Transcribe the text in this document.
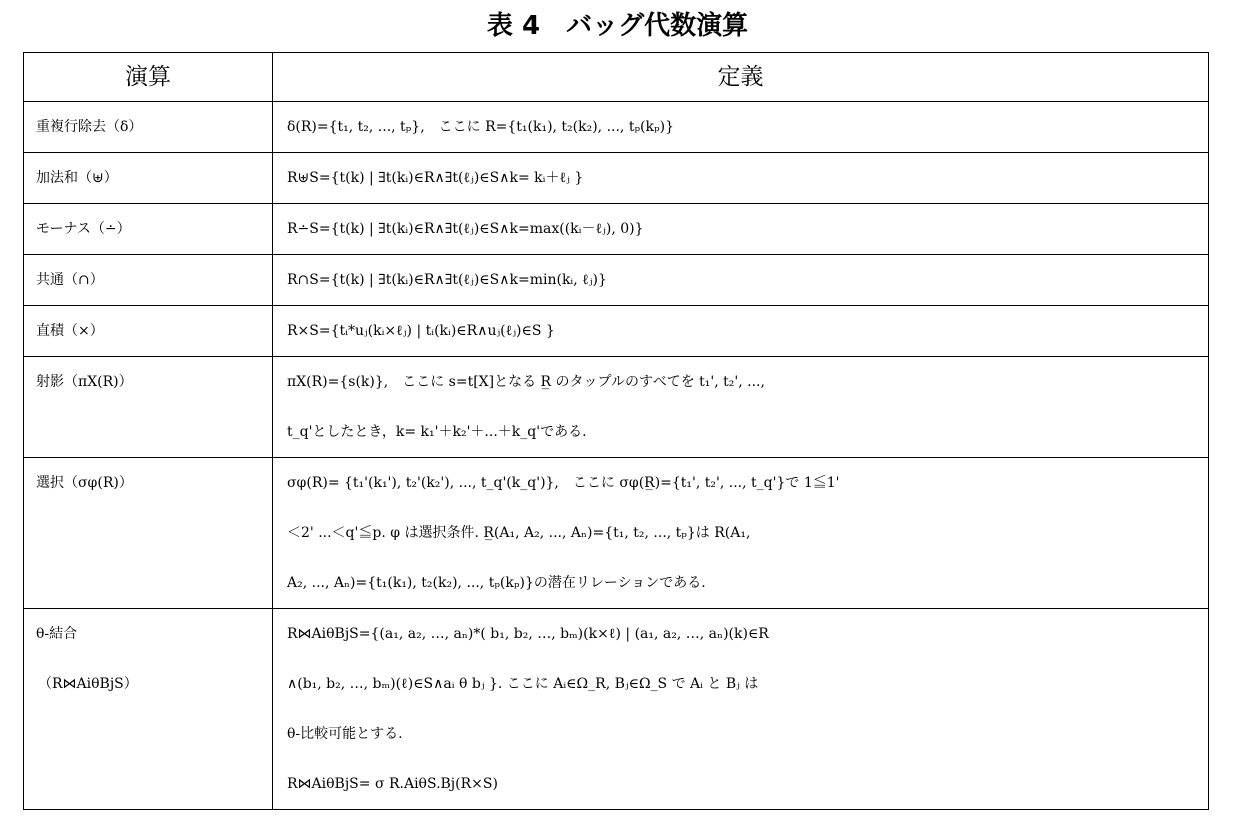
表 4　バッグ代数演算
演算	定義
重複行除去（δ）	δ(R)={t₁, t₂, ..., tₚ},　ここに R={t₁(k₁), t₂(k₂), ..., tₚ(kₚ)}

加法和（⊎）	R⊎S={t(k) | ∃t(kᵢ)∈R∧∃t(ℓⱼ)∈S∧k= kᵢ＋ℓⱼ }

モーナス（∸）	R∸S={t(k) | ∃t(kᵢ)∈R∧∃t(ℓⱼ)∈S∧k=max((kᵢ－ℓⱼ), 0)}

共通（∩）	R∩S={t(k) | ∃t(kᵢ)∈R∧∃t(ℓⱼ)∈S∧k=min(kᵢ, ℓⱼ)}

直積（×）	R×S={tᵢ*uⱼ(kᵢ×ℓⱼ) | tᵢ(kᵢ)∈R∧uⱼ(ℓⱼ)∈S }

射影（πX(R)）	πX(R)={s(k)},　ここに s=t[X]となる R̲ のタップルのすべてを t₁', t₂', ...,
t_q'としたとき，k= k₁'＋k₂'＋...＋k_q'である.

選択（σφ(R)）	σφ(R)= {t₁'(k₁'), t₂'(k₂'), ..., t_q'(k_q')},　ここに σφ(R̲)={t₁', t₂', ..., t_q'}で 1≦1'
＜2' ...＜q'≦p. φ は選択条件. R̲(A₁, A₂, ..., Aₙ)={t₁, t₂, ..., tₚ}は R(A₁,
A₂, ..., Aₙ)={t₁(k₁), t₂(k₂), ..., tₚ(kₚ)}の潜在リレーションである.

θ-結合
（R⋈AiθBjS）	R⋈AiθBjS={(a₁, a₂, …, aₙ)*( b₁, b₂, …, bₘ)(k×ℓ) | (a₁, a₂, …, aₙ)(k)∈R
∧(b₁, b₂, …, bₘ)(ℓ)∈S∧aᵢ θ bⱼ }. ここに Aᵢ∈Ω_R, Bⱼ∈Ω_S で Aᵢ と Bⱼ は
θ-比較可能とする.
R⋈AiθBjS= σ R.AiθS.Bj(R×S)
